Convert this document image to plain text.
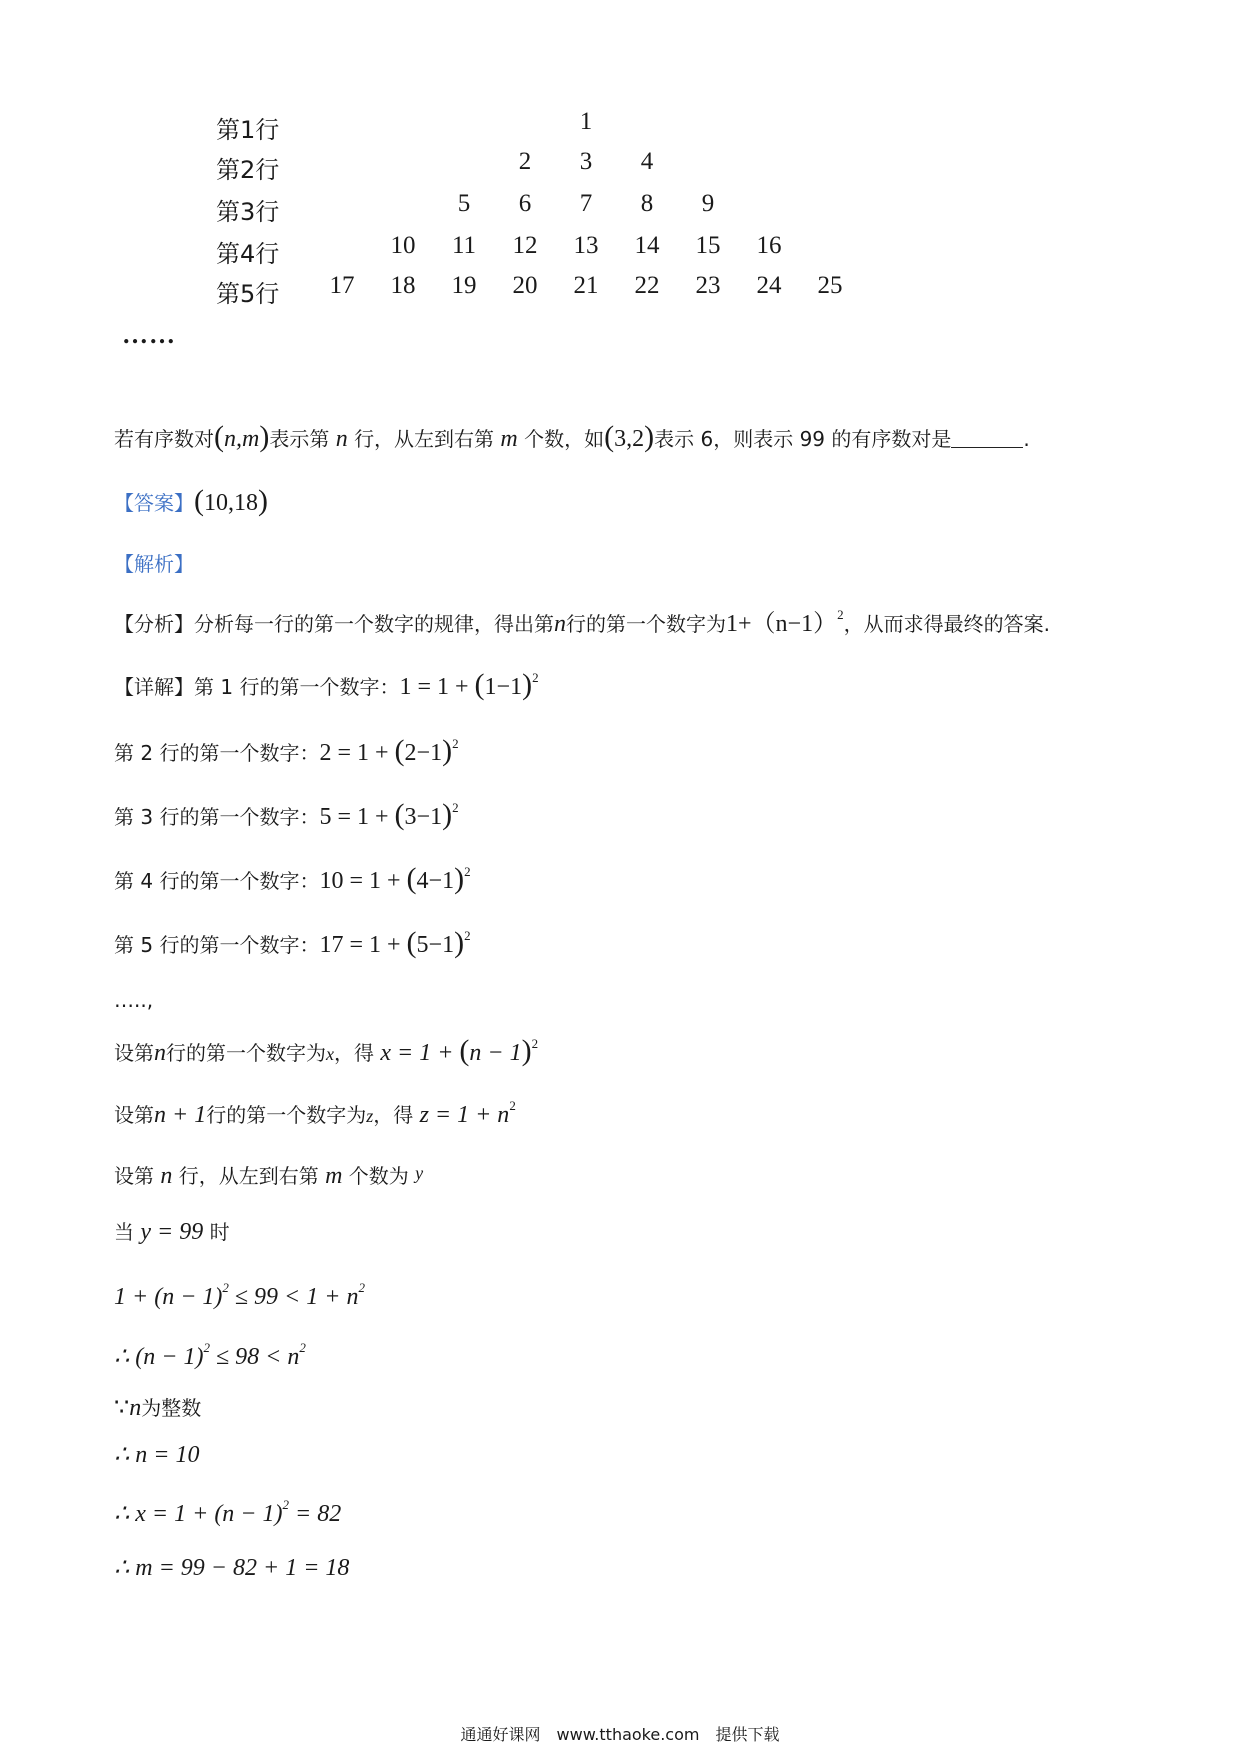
第1行	1
第2行	2	3	4
第3行	5	6	7	8	9
第4行	10	11	12	13	14	15	16
第5行	17	18	19	20	21	22	23	24	25
……
若有序数对(n,m)表示第 n 行，从左到右第 m 个数，如(3,2)表示 6，则表示 99 的有序数对是	.
【答案】(10,18)
【解析】
【分析】分析每一行的第一个数字的规律，得出第n行的第一个数字为$1+(n-1)^2$，从而求得最终的答案.
【详解】第 1 行的第一个数字：$1 = 1 + (1-1)^2$
第 2 行的第一个数字：$2 = 1 + (2-1)^2$
第 3 行的第一个数字：$5 = 1 + (3-1)^2$
第 4 行的第一个数字：$10 = 1 + (4-1)^2$
第 5 行的第一个数字：$17 = 1 + (5-1)^2$
…..,
设第n行的第一个数字为x，得 $x = 1 + (n - 1)^2$
设第n + 1行的第一个数字为z，得 $z = 1 + n^2$
设第 n 行，从左到右第 m 个数为 y
当 y = 99 时
$1 + (n - 1)^2 \le 99 < 1 + n^2$
∴ $(n - 1)^2 \le 98 < n^2$
∵n为整数
∴ n = 10
∴ $x = 1 + (n - 1)^2 = 82$
∴ m = 99 − 82 + 1 = 18
通通好课网　www.tthaoke.com　提供下载
